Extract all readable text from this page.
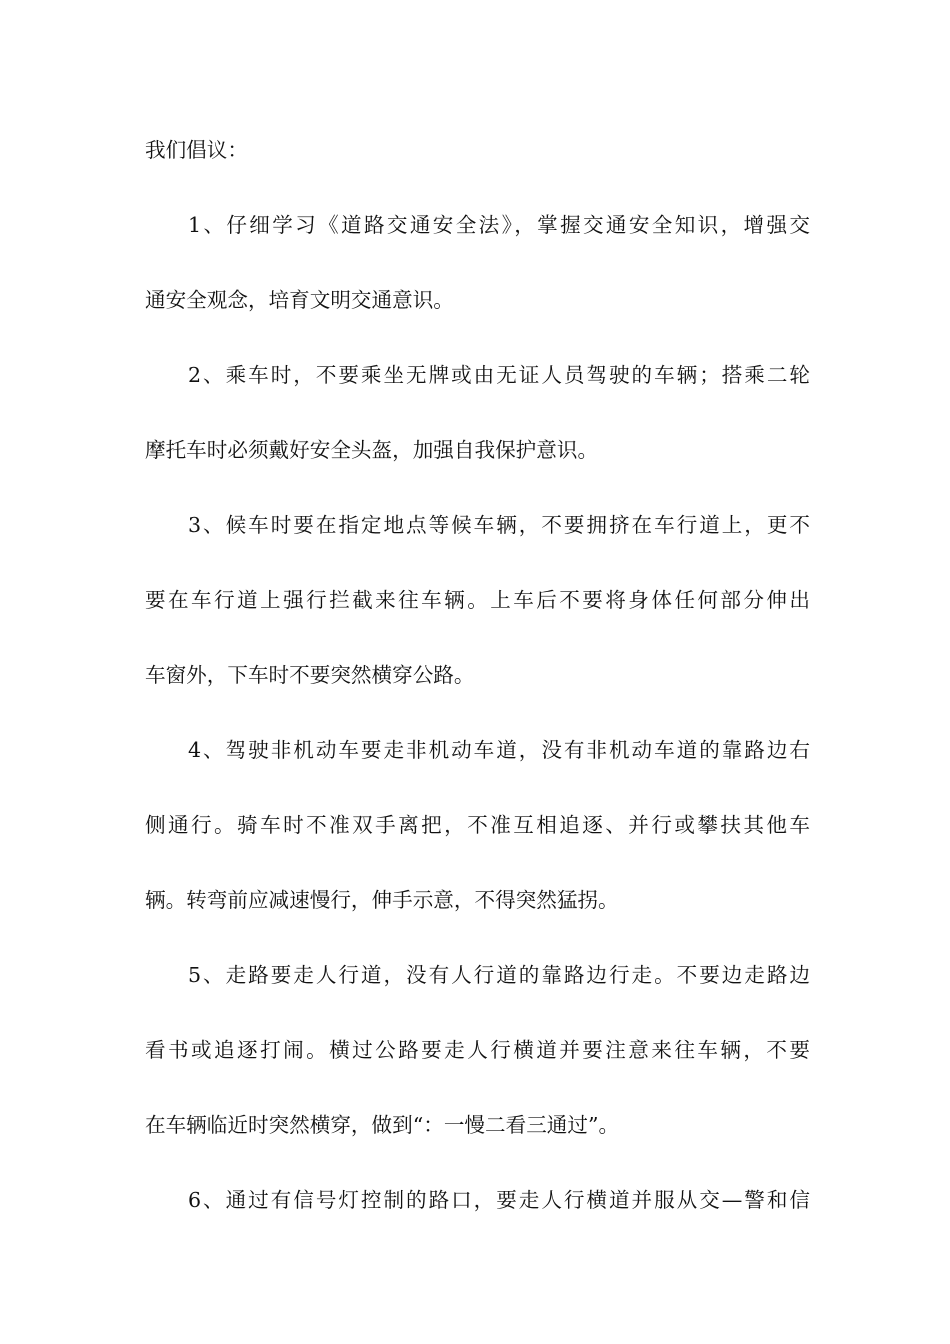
我们倡议：
1、仔细学习《道路交通安全法》，掌握交通安全知识，增强交
通安全观念，培育文明交通意识。
2、乘车时，不要乘坐无牌或由无证人员驾驶的车辆；搭乘二轮
摩托车时必须戴好安全头盔，加强自我保护意识。
3、候车时要在指定地点等候车辆，不要拥挤在车行道上，更不
要在车行道上强行拦截来往车辆。上车后不要将身体任何部分伸出
车窗外，下车时不要突然横穿公路。
4、驾驶非机动车要走非机动车道，没有非机动车道的靠路边右
侧通行。骑车时不准双手离把，不准互相追逐、并行或攀扶其他车
辆。转弯前应减速慢行，伸手示意，不得突然猛拐。
5、走路要走人行道，没有人行道的靠路边行走。不要边走路边
看书或追逐打闹。横过公路要走人行横道并要注意来往车辆，不要
在车辆临近时突然横穿，做到“：一慢二看三通过”。
6、通过有信号灯控制的路口，要走人行横道并服从交—警和信
